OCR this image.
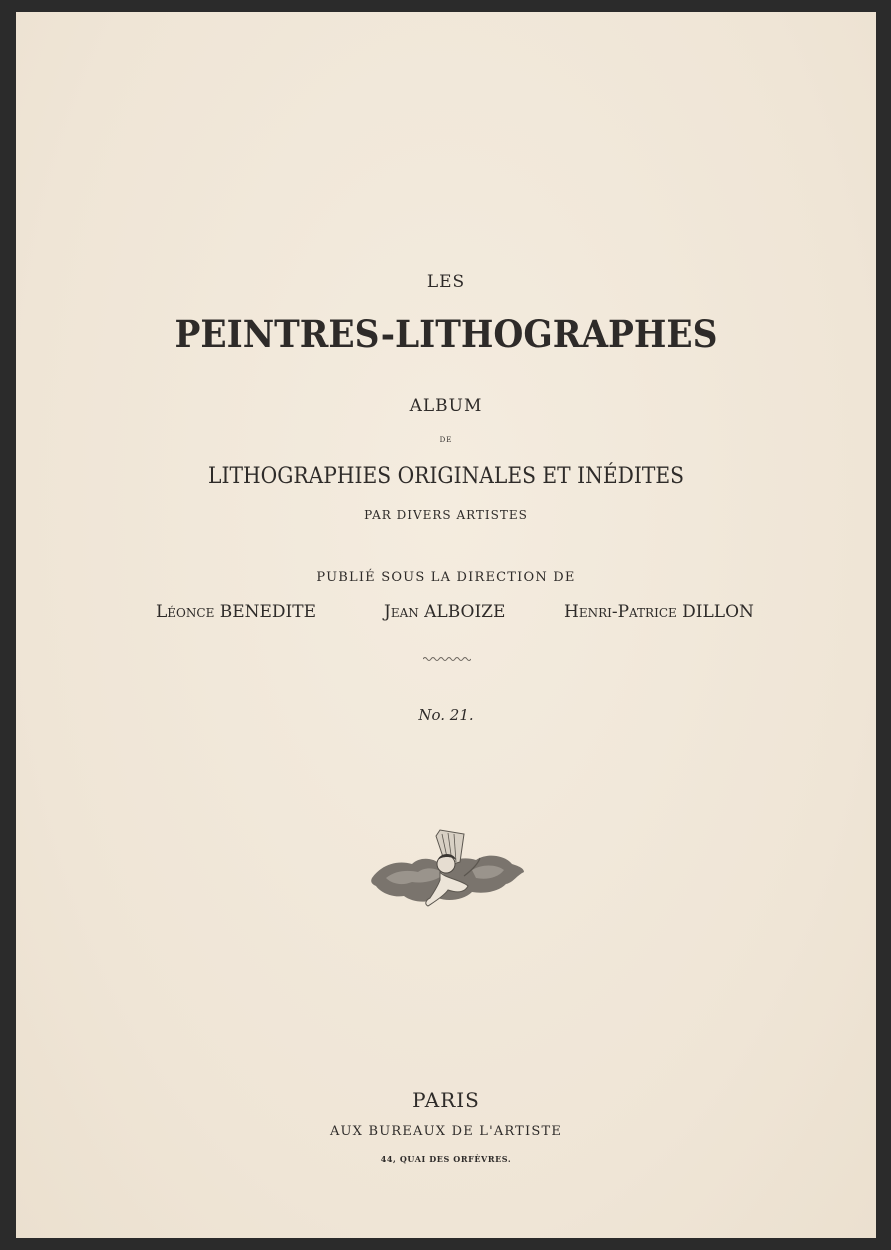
LES
PEINTRES-LITHOGRAPHES
ALBUM
DE
LITHOGRAPHIES ORIGINALES ET INÉDITES
PAR DIVERS ARTISTES
PUBLIÉ SOUS LA DIRECTION DE
Léonce BENEDITE	Jean ALBOIZE	Henri-Patrice DILLON
No. 21.
PARIS
AUX BUREAUX DE L'ARTISTE
44, QUAI DES ORFÈVRES.
